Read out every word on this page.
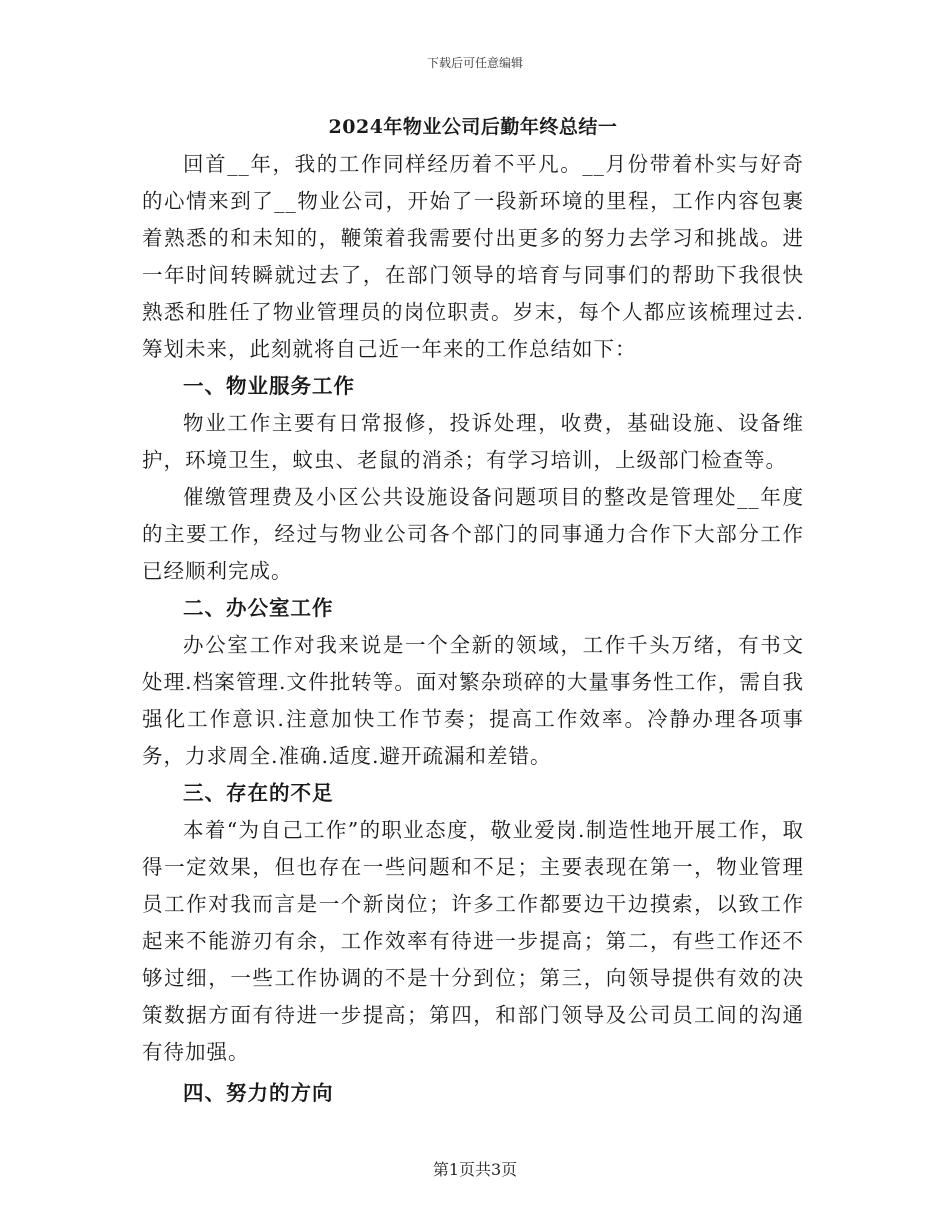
下载后可任意编辑
2024年物业公司后勤年终总结一

回首__年，我的工作同样经历着不平凡。__月份带着朴实与好奇的心情来到了__物业公司，开始了一段新环境的里程，工作内容包裹着熟悉的和未知的，鞭策着我需要付出更多的努力去学习和挑战。进一年时间转瞬就过去了，在部门领导的培育与同事们的帮助下我很快熟悉和胜任了物业管理员的岗位职责。岁末，每个人都应该梳理过去.筹划未来，此刻就将自己近一年来的工作总结如下：

一、物业服务工作

物业工作主要有日常报修，投诉处理，收费，基础设施、设备维护，环境卫生，蚊虫、老鼠的消杀；有学习培训，上级部门检查等。

催缴管理费及小区公共设施设备问题项目的整改是管理处__年度的主要工作，经过与物业公司各个部门的同事通力合作下大部分工作已经顺利完成。

二、办公室工作

办公室工作对我来说是一个全新的领域，工作千头万绪，有书文处理.档案管理.文件批转等。面对繁杂琐碎的大量事务性工作，需自我强化工作意识.注意加快工作节奏；提高工作效率。冷静办理各项事务，力求周全.准确.适度.避开疏漏和差错。

三、存在的不足

本着“为自己工作”的职业态度，敬业爱岗.制造性地开展工作，取得一定效果，但也存在一些问题和不足；主要表现在第一，物业管理员工作对我而言是一个新岗位；许多工作都要边干边摸索，以致工作起来不能游刃有余，工作效率有待进一步提高；第二，有些工作还不够过细，一些工作协调的不是十分到位；第三，向领导提供有效的决策数据方面有待进一步提高；第四，和部门领导及公司员工间的沟通有待加强。

四、努力的方向

第1页共3页
